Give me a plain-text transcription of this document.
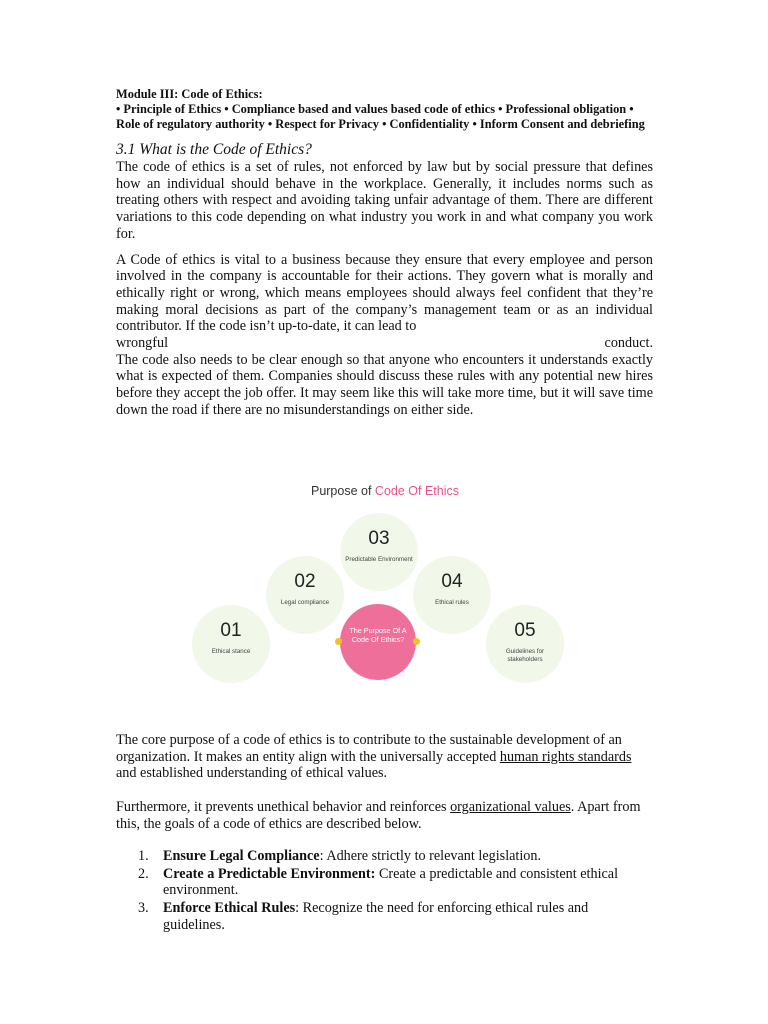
Module III: Code of Ethics:

• Principle of Ethics • Compliance based and values based code of ethics • Professional obligation • Role of regulatory authority • Respect for Privacy • Confidentiality • Inform Consent and debriefing

3.1 What is the Code of Ethics?

The code of ethics is a set of rules, not enforced by law but by social pressure that defines how an individual should behave in the workplace. Generally, it includes norms such as treating others with respect and avoiding taking unfair advantage of them. There are different variations to this code depending on what industry you work in and what company you work for.

A Code of ethics is vital to a business because they ensure that every employee and person involved in the company is accountable for their actions. They govern what is morally and ethically right or wrong, which means employees should always feel confident that they’re making moral decisions as part of the company’s management team or as an individual contributor. If the code isn’t up-to-date, it can lead to

wrongful	conduct.

The code also needs to be clear enough so that anyone who encounters it understands exactly what is expected of them. Companies should discuss these rules with any potential new hires before they accept the job offer. It may seem like this will take more time, but it will save time down the road if there are no misunderstandings on either side.

Purpose of Code Of Ethics
03
Predictable Environment
02
Legal compliance
04
Ethical rules
01
Ethical stance
05
Guidelines for stakeholders
The Purpose Of A Code Of Ethics?

The core purpose of a code of ethics is to contribute to the sustainable development of an organization. It makes an entity align with the universally accepted human rights standards and established understanding of ethical values.

Furthermore, it prevents unethical behavior and reinforces organizational values. Apart from this, the goals of a code of ethics are described below.

1. Ensure Legal Compliance: Adhere strictly to relevant legislation.
2. Create a Predictable Environment: Create a predictable and consistent ethical environment.
3. Enforce Ethical Rules: Recognize the need for enforcing ethical rules and guidelines.
